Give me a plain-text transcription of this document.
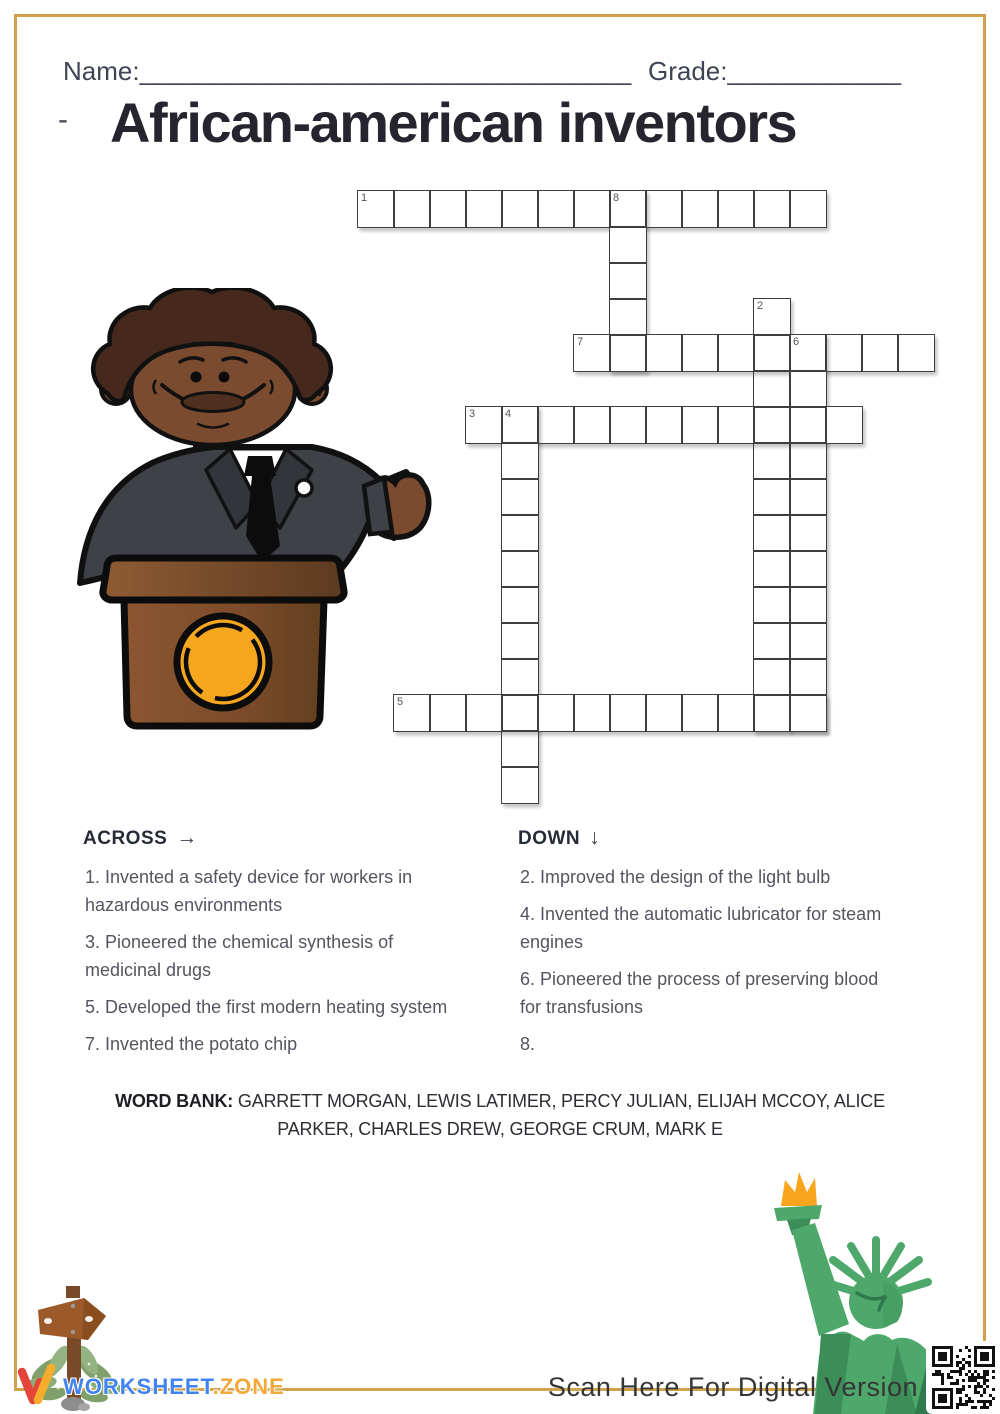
Name:__________________________________ Grade:____________
- African-american inventors
1	8
2
7	6
3	4
5
ACROSS →

1. Invented a safety device for workers in
hazardous environments

3. Pioneered the chemical synthesis of
medicinal drugs

5. Developed the first modern heating system

7. Invented the potato chip

DOWN ↓

2. Improved the design of the light bulb

4. Invented the automatic lubricator for steam
engines

6. Pioneered the process of preserving blood
for transfusions

8.

WORD BANK: GARRETT MORGAN, LEWIS LATIMER, PERCY JULIAN, ELIJAH MCCOY, ALICE
PARKER, CHARLES DREW, GEORGE CRUM, MARK E
WORKSHEET.ZONE	Scan Here For Digital Version
